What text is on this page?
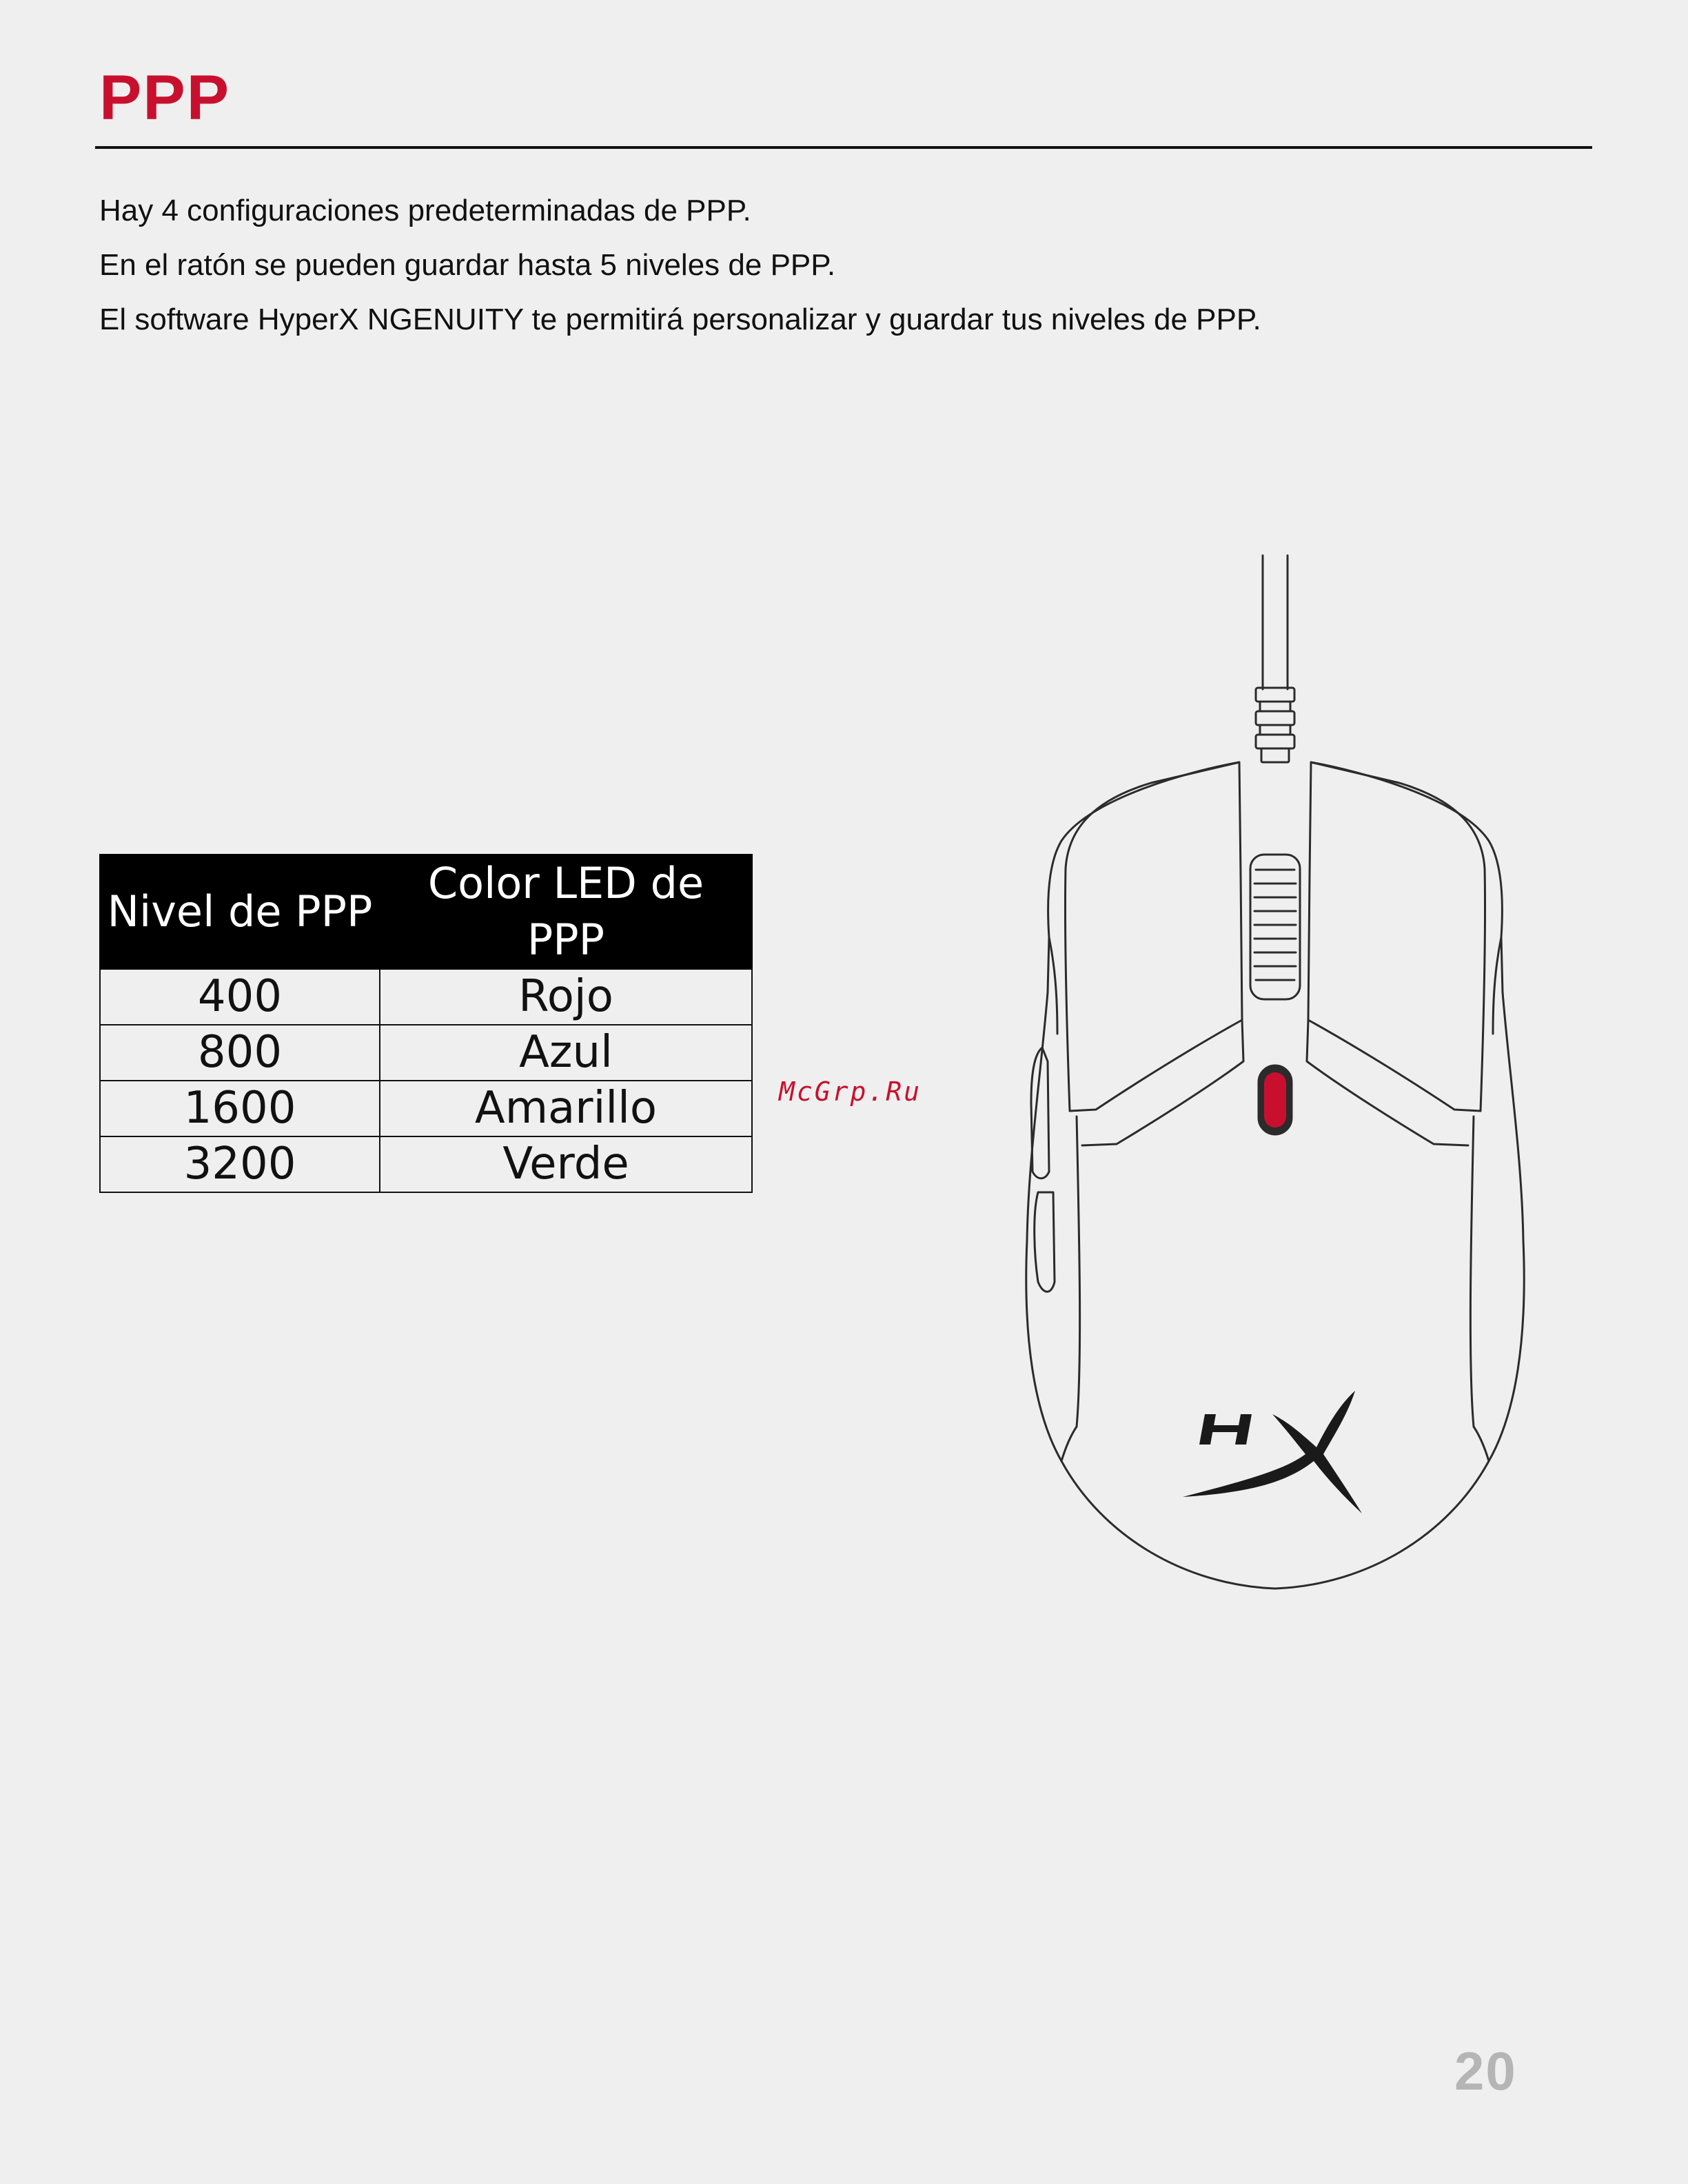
PPP

Hay 4 configuraciones predeterminadas de PPP.

En el ratón se pueden guardar hasta 5 niveles de PPP.

El software HyperX NGENUITY te permitirá personalizar y guardar tus niveles de PPP.

Nivel de PPP	Color LED de PPP
400	Rojo
800	Azul
1600	Amarillo
3200	Verde
McGrp.Ru
20
